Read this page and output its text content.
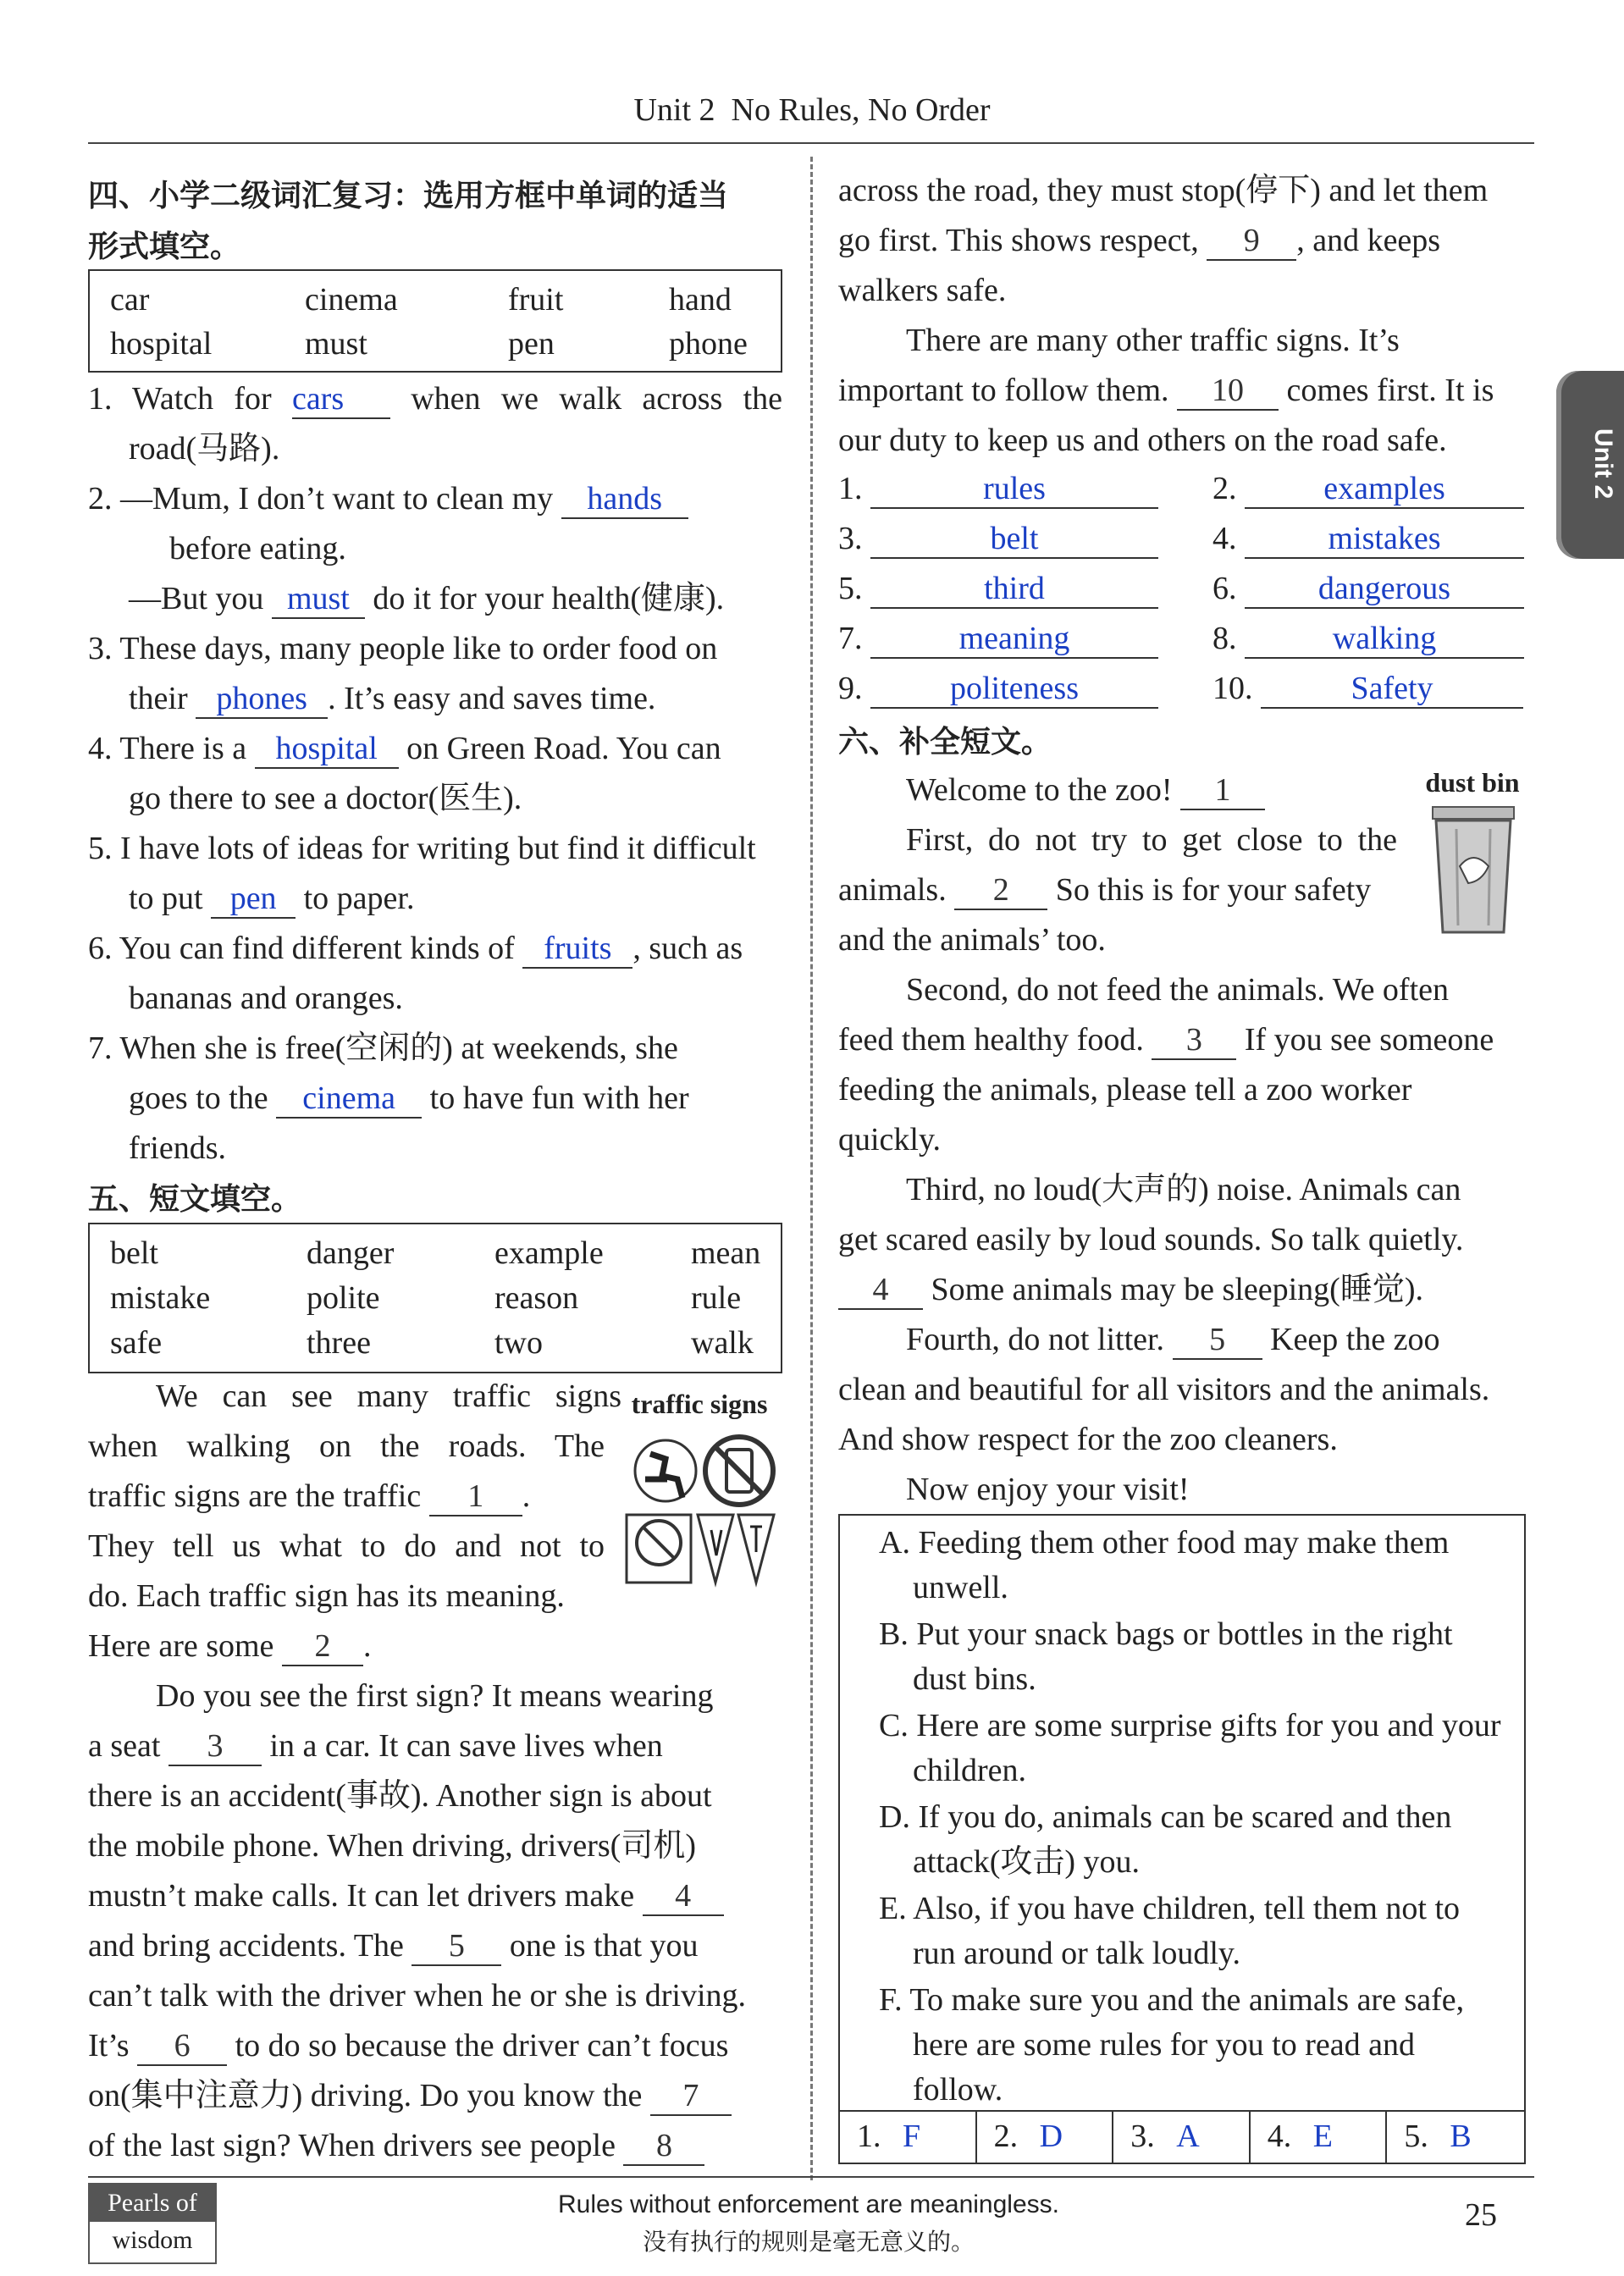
Unit 2  No Rules, No Order
Unit 2
四、小学二级词汇复习：选用方框中单词的适当
形式填空。
car	cinema	fruit	hand
hospital	must	pen	phone
1. Watch for cars when we walk across the
road(马路).
2. —Mum, I don’t want to clean my hands
before eating.
—But you must do it for your health(健康).
3. These days, many people like to order food on
their phones . It’s easy and saves time.
4. There is a hospital on Green Road. You can
go there to see a doctor(医生).
5. I have lots of ideas for writing but find it difficult
to put pen to paper.
6. You can find different kinds of fruits , such as
bananas and oranges.
7. When she is free(空闲的) at weekends, she
goes to the cinema to have fun with her
friends.
五、短文填空。
belt	danger	example	mean
mistake	polite	reason	rule
safe	three	two	walk
traffic signs
We can see many traffic signs
when walking on the roads. The
traffic signs are the traffic 1 .
They tell us what to do and not to
do. Each traffic sign has its meaning.
Here are some 2 .
Do you see the first sign? It means wearing
a seat 3 in a car. It can save lives when
there is an accident(事故). Another sign is about
the mobile phone. When driving, drivers(司机)
mustn’t make calls. It can let drivers make 4
and bring accidents. The 5 one is that you
can’t talk with the driver when he or she is driving.
It’s 6 to do so because the driver can’t focus
on(集中注意力) driving. Do you know the 7
of the last sign? When drivers see people 8
across the road, they must stop(停下) and let them
go first. This shows respect, 9 , and keeps
walkers safe.
There are many other traffic signs. It’s
important to follow them. 10 comes first. It is
our duty to keep us and others on the road safe.
1.	rules	2.	examples
3.	belt	4.	mistakes
5.	third	6.	dangerous
7.	meaning	8.	walking
9.	politeness	10.	Safety
六、补全短文。
dust bin
Welcome to the zoo! 1
First, do not try to get close to the
animals. 2 So this is for your safety
and the animals’ too.
Second, do not feed the animals. We often
feed them healthy food. 3 If you see someone
feeding the animals, please tell a zoo worker
quickly.
Third, no loud(大声的) noise. Animals can
get scared easily by loud sounds. So talk quietly.
4 Some animals may be sleeping(睡觉).
Fourth, do not litter. 5 Keep the zoo
clean and beautiful for all visitors and the animals.
And show respect for the zoo cleaners.
Now enjoy your visit!
A. Feeding them other food may make them
unwell.
B. Put your snack bags or bottles in the right
dust bins.
C. Here are some surprise gifts for you and your
children.
D. If you do, animals can be scared and then
attack(攻击) you.
E. Also, if you have children, tell them not to
run around or talk loudly.
F. To make sure you and the animals are safe,
here are some rules for you to read and
follow.
1. F	2. D	3. A	4. E	5. B
Pearls of
wisdom
Rules without enforcement are meaningless.
没有执行的规则是毫无意义的。
25
